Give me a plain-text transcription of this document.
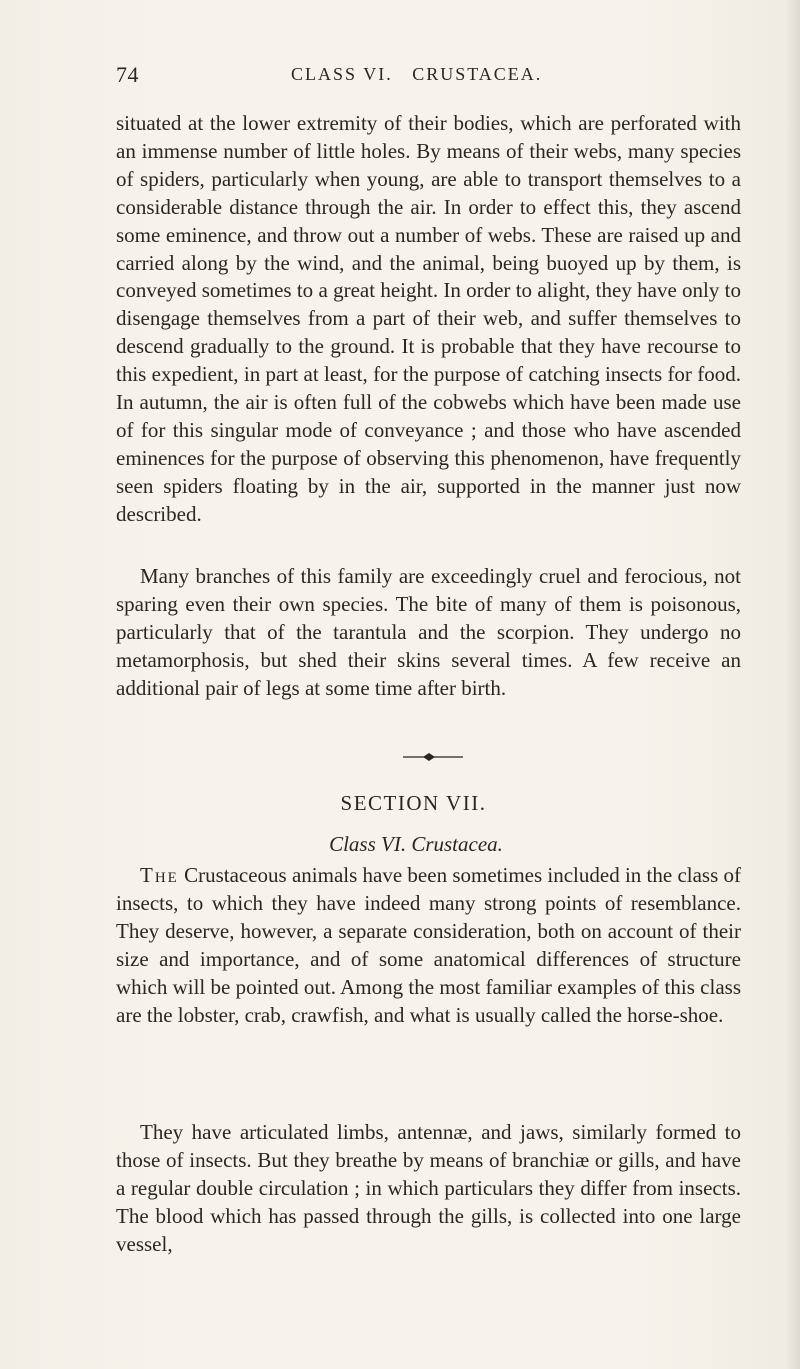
74	CLASS VI.   CRUSTACEA.

situated at the lower extremity of their bodies, which are perforated with an immense number of little holes. By means of their webs, many species of spiders, particularly when young, are able to transport themselves to a considerable distance through the air. In order to effect this, they ascend some eminence, and throw out a number of webs. These are raised up and carried along by the wind, and the animal, being buoyed up by them, is conveyed sometimes to a great height. In order to alight, they have only to disengage themselves from a part of their web, and suffer themselves to descend gradually to the ground. It is probable that they have recourse to this expedient, in part at least, for the purpose of catching insects for food. In autumn, the air is often full of the cobwebs which have been made use of for this singular mode of conveyance ; and those who have ascended eminences for the purpose of observing this phenomenon, have frequently seen spiders floating by in the air, supported in the manner just now described.

Many branches of this family are exceedingly cruel and ferocious, not sparing even their own species. The bite of many of them is poisonous, particularly that of the tarantula and the scorpion. They undergo no metamorphosis, but shed their skins several times. A few receive an additional pair of legs at some time after birth.

SECTION VII.
Class VI. Crustacea.

The Crustaceous animals have been sometimes included in the class of insects, to which they have indeed many strong points of resemblance. They deserve, however, a separate consideration, both on account of their size and importance, and of some anatomical differences of structure which will be pointed out. Among the most familiar examples of this class are the lobster, crab, crawfish, and what is usually called the horse-shoe.

They have articulated limbs, antennæ, and jaws, similarly formed to those of insects. But they breathe by means of branchiæ or gills, and have a regular double circulation ; in which particulars they differ from insects. The blood which has passed through the gills, is collected into one large vessel,
